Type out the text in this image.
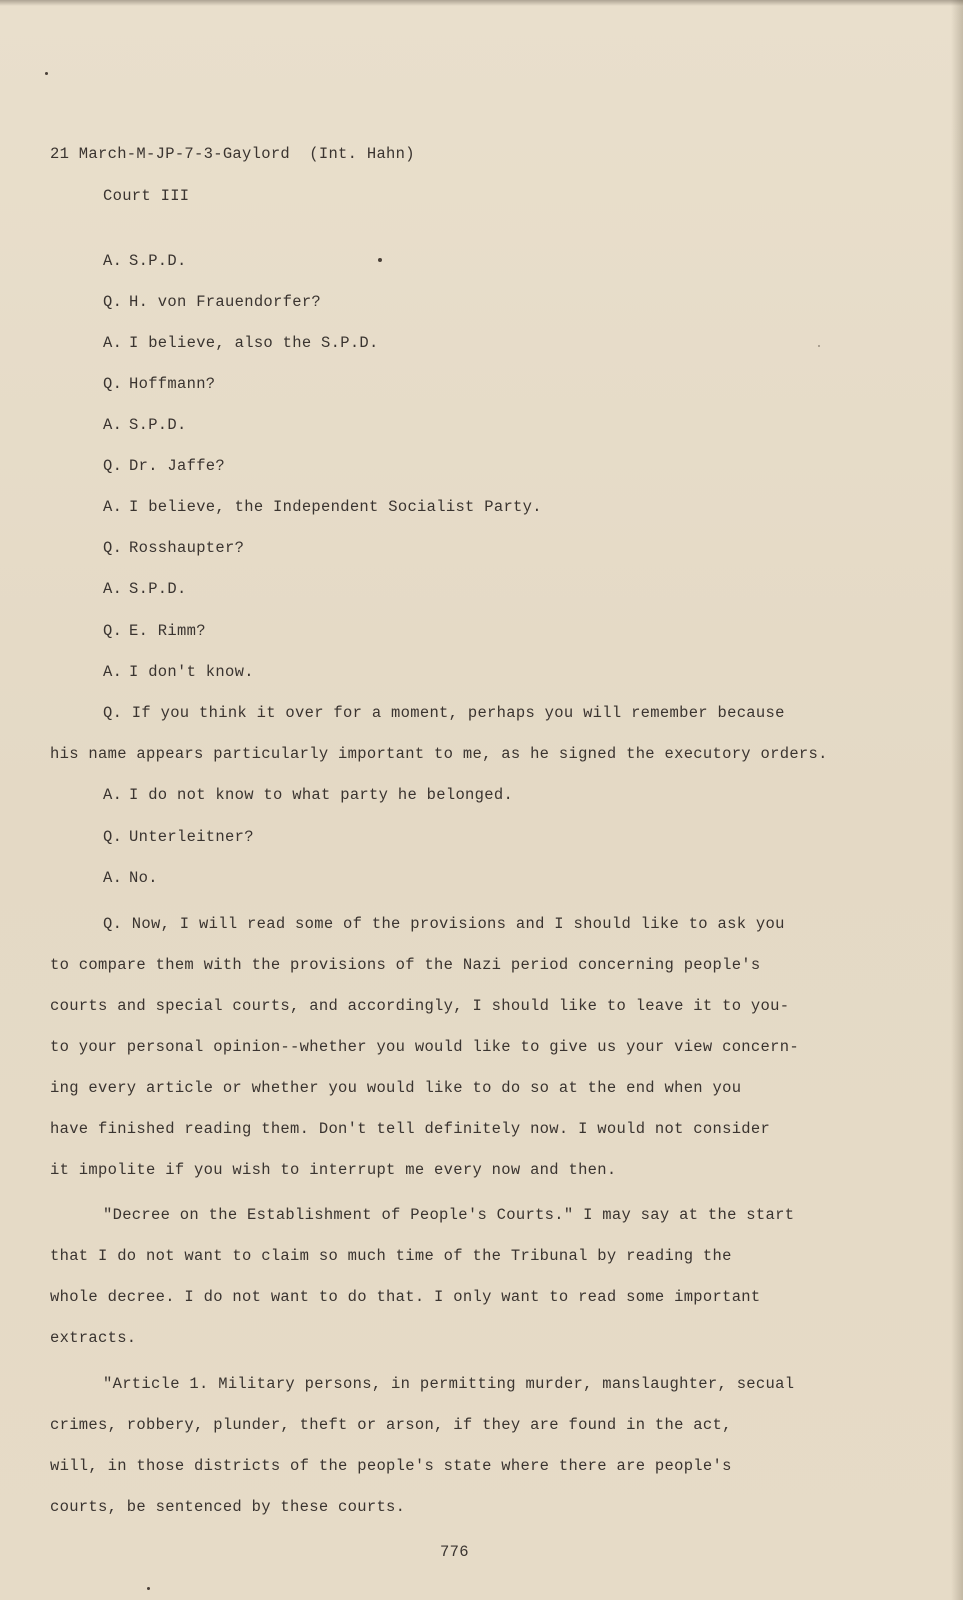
21 March-M-JP-7-3-Gaylord (Int. Hahn)
Court III
A. S.P.D.
Q. H. von Frauendorfer?
A. I believe, also the S.P.D.
Q. Hoffmann?
A. S.P.D.
Q. Dr. Jaffe?
A. I believe, the Independent Socialist Party.
Q. Rosshaupter?
A. S.P.D.
Q. E. Rimm?
A. I don't know.
Q. If you think it over for a moment, perhaps you will remember because
his name appears particularly important to me, as he signed the executory orders.
A. I do not know to what party he belonged.
Q. Unterleitner?
A. No.
Q. Now, I will read some of the provisions and I should like to ask you
to compare them with the provisions of the Nazi period concerning people's
courts and special courts, and accordingly, I should like to leave it to you-
to your personal opinion--whether you would like to give us your view concern-
ing every article or whether you would like to do so at the end when you
have finished reading them. Don't tell definitely now. I would not consider
it impolite if you wish to interrupt me every now and then.
"Decree on the Establishment of People's Courts." I may say at the start
that I do not want to claim so much time of the Tribunal by reading the
whole decree. I do not want to do that. I only want to read some important
extracts.
"Article 1. Military persons, in permitting murder, manslaughter, secual
crimes, robbery, plunder, theft or arson, if they are found in the act,
will, in those districts of the people's state where there are people's
courts, be sentenced by these courts.
776
